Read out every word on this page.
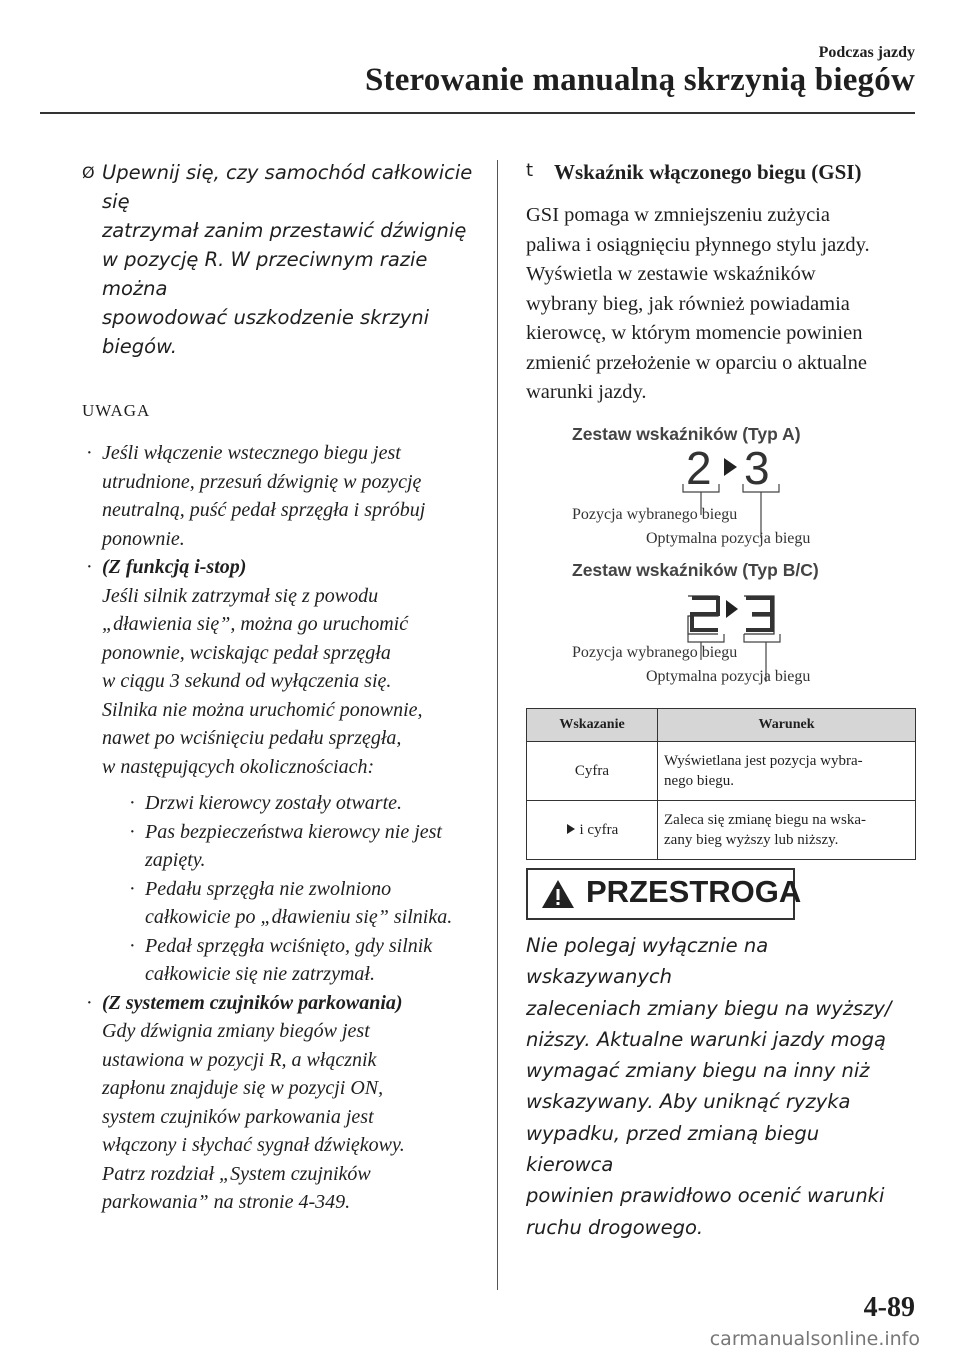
Podczas jazdy
Sterowanie manualną skrzynią biegów
Ø Upewnij się, czy samochód całkowicie się
zatrzymał zanim przestawić dźwignię
w pozycję R. W przeciwnym razie można
spowodować uszkodzenie skrzyni
biegów.
UWAGA
· Jeśli włączenie wstecznego biegu jest
utrudnione, przesuń dźwignię w pozycję
neutralną, puść pedał sprzęgła i spróbuj
ponownie.
· (Z funkcją i-stop)
Jeśli silnik zatrzymał się z powodu
„dławienia się”, można go uruchomić
ponownie, wciskając pedał sprzęgła
w ciągu 3 sekund od wyłączenia się.
Silnika nie można uruchomić ponownie,
nawet po wciśnięciu pedału sprzęgła,
w następujących okolicznościach:
· Drzwi kierowcy zostały otwarte.
· Pas bezpieczeństwa kierowcy nie jest
zapięty.
· Pedału sprzęgła nie zwolniono
całkowicie po „dławieniu się” silnika.
· Pedał sprzęgła wciśnięto, gdy silnik
całkowicie się nie zatrzymał.
· (Z systemem czujników parkowania)
Gdy dźwignia zmiany biegów jest
ustawiona w pozycji R, a włącznik
zapłonu znajduje się w pozycji ON,
system czujników parkowania jest
włączony i słychać sygnał dźwiękowy.
Patrz rozdział „System czujników
parkowania” na stronie 4-349.
t Wskaźnik włączonego biegu (GSI)
GSI pomaga w zmniejszeniu zużycia
paliwa i osiągnięciu płynnego stylu jazdy.
Wyświetla w zestawie wskaźników
wybrany bieg, jak również powiadamia
kierowcę, w którym momencie powinien
zmienić przełożenie w oparciu o aktualne
warunki jazdy.
Zestaw wskaźników (Typ A)
2 3
Pozycja wybranego biegu
Optymalna pozycja biegu
Zestaw wskaźników (Typ B/C)
Pozycja wybranego biegu
Optymalna pozycja biegu
Wskazanie	Warunek
Cyfra	Wyświetlana jest pozycja wybra-
nego biegu.

i cyfra	Zaleca się zmianę biegu na wska-
zany bieg wyższy lub niższy.
PRZESTROGA
Nie polegaj wyłącznie na wskazywanych
zaleceniach zmiany biegu na wyższy/
niższy. Aktualne warunki jazdy mogą
wymagać zmiany biegu na inny niż
wskazywany. Aby uniknąć ryzyka
wypadku, przed zmianą biegu kierowca
powinien prawidłowo ocenić warunki
ruchu drogowego.
4-89
carmanualsonline.info
